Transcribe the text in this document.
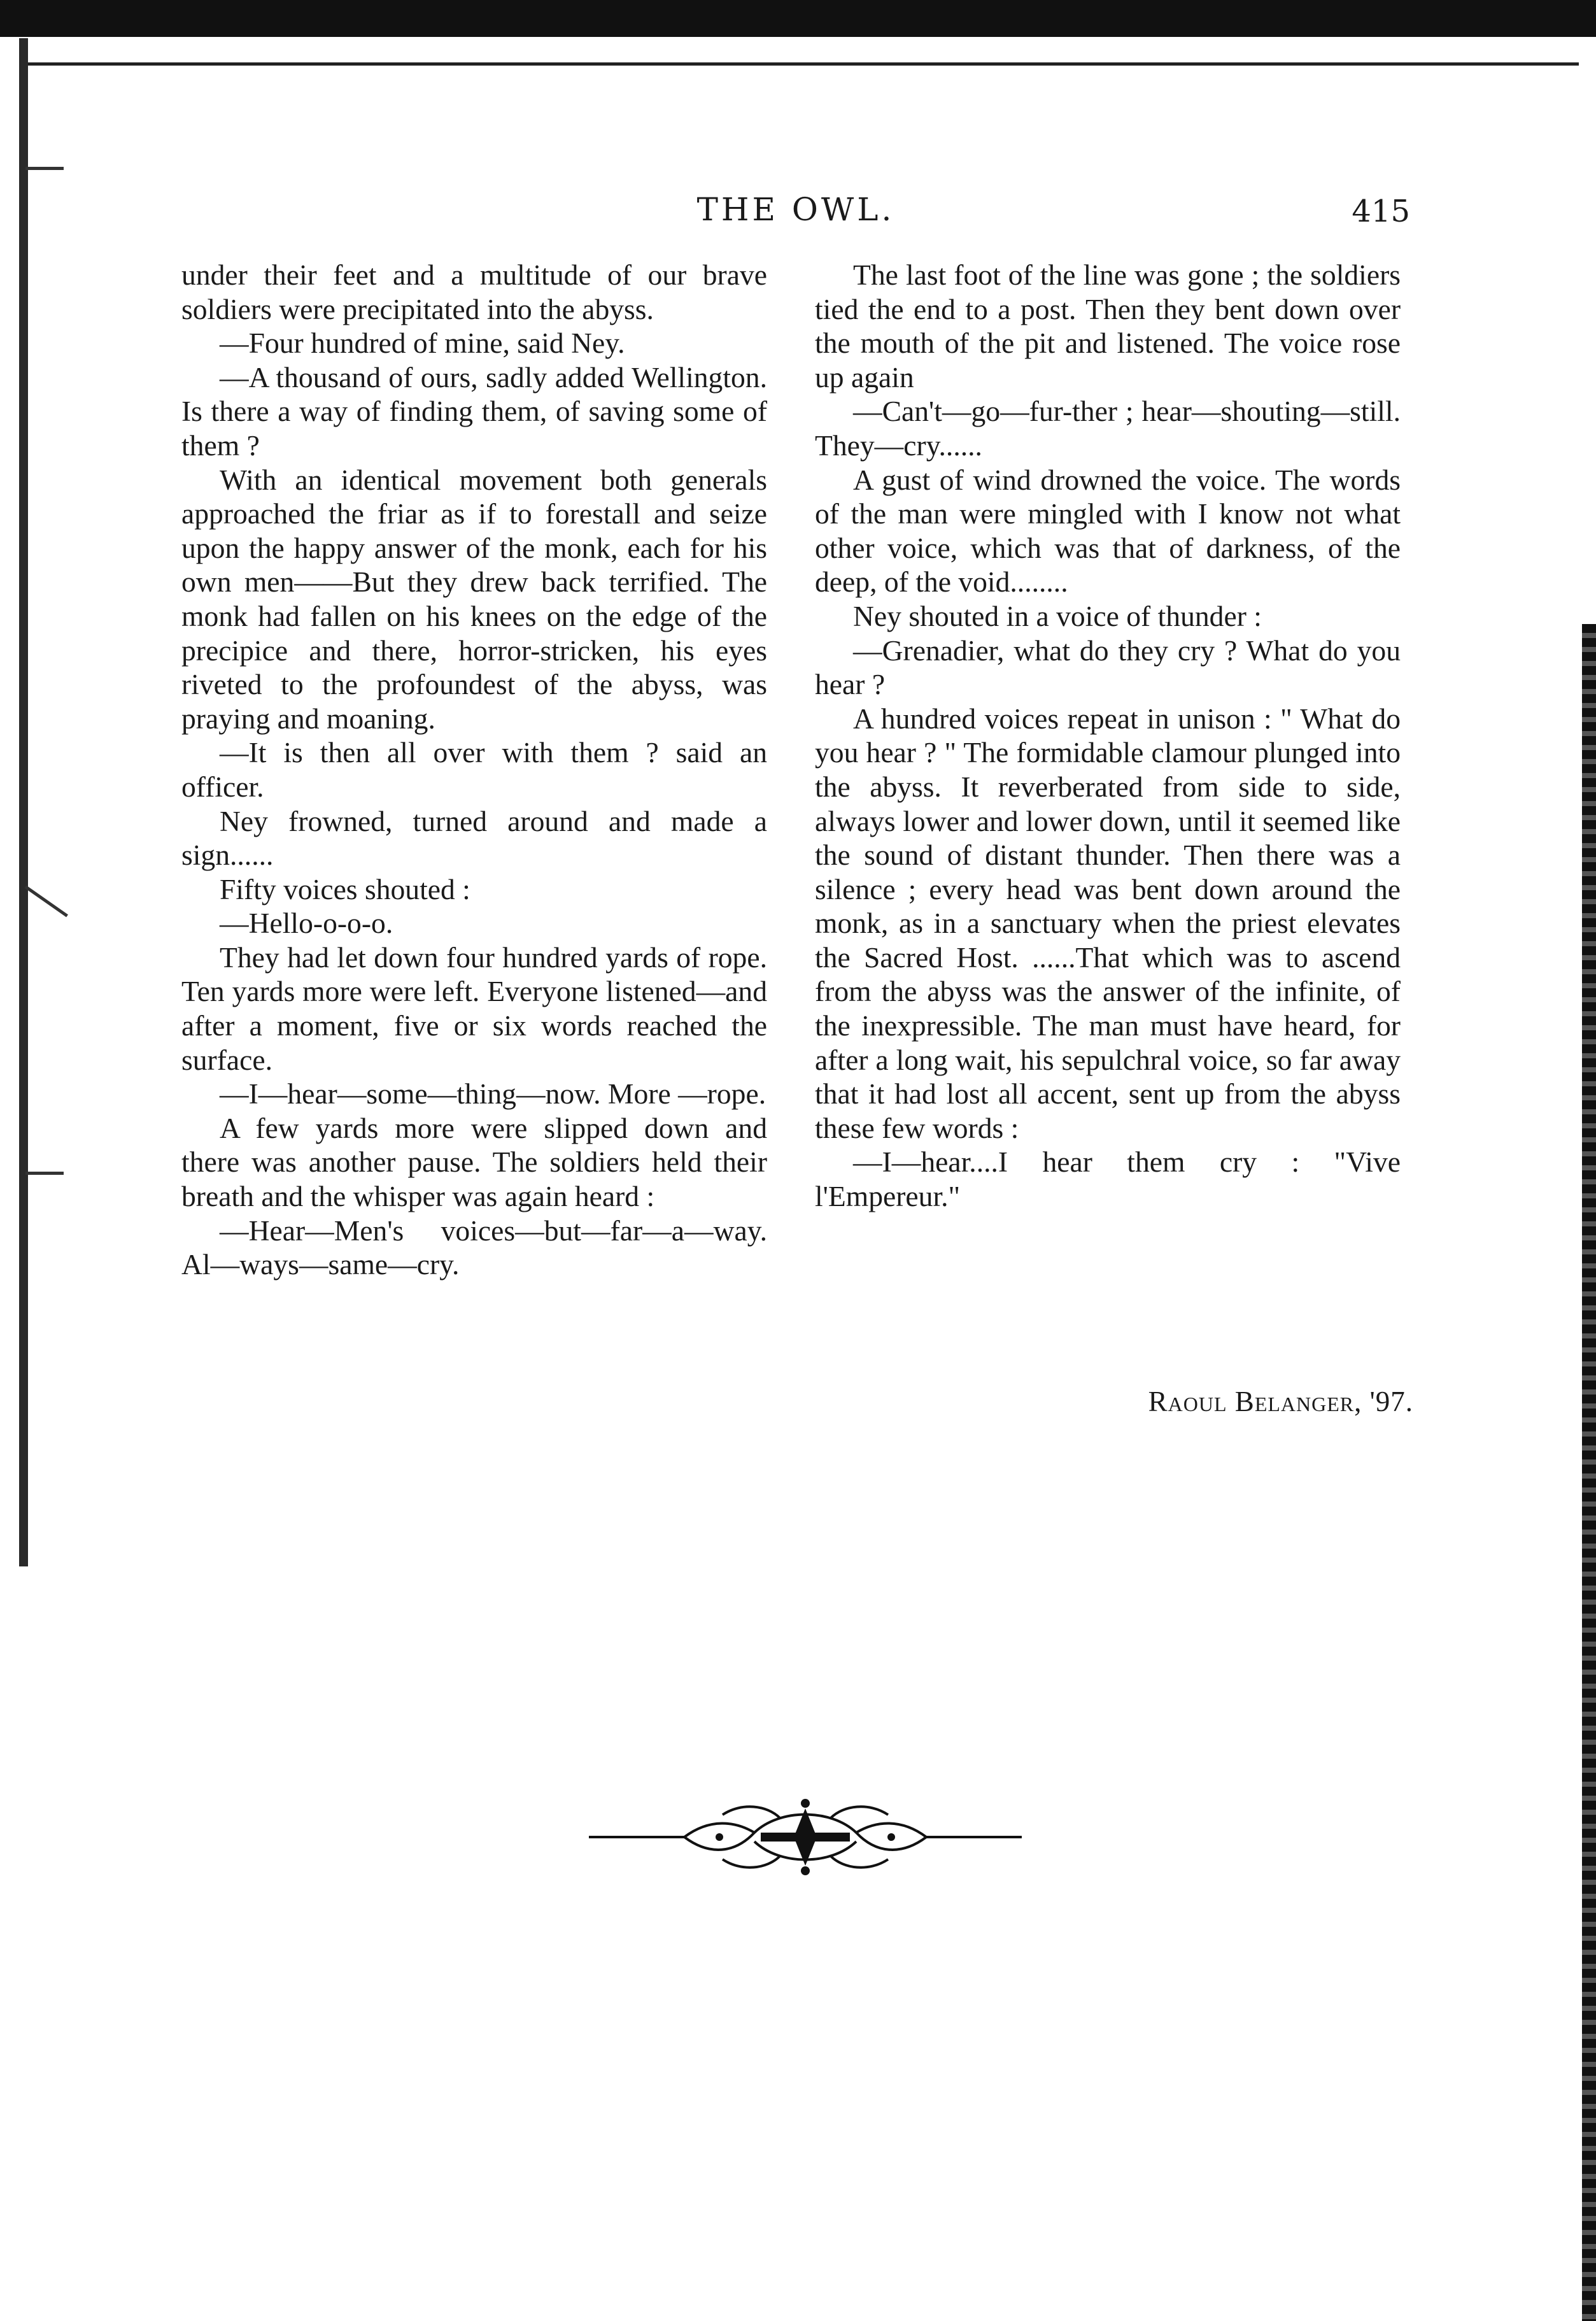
THE OWL.	415

under their feet and a multitude of our brave soldiers were precipitated into the abyss.

—Four hundred of mine, said Ney.

—A thousand of ours, sadly added Wellington. Is there a way of finding them, of saving some of them ?

With an identical movement both generals approached the friar as if to forestall and seize upon the happy answer of the monk, each for his own men——But they drew back terrified. The monk had fallen on his knees on the edge of the precipice and there, horror-stricken, his eyes riveted to the profoundest of the abyss, was praying and moaning.

—It is then all over with them ? said an officer.

Ney frowned, turned around and made a sign......

Fifty voices shouted :

—Hello-o-o-o.

They had let down four hundred yards of rope. Ten yards more were left. Everyone listened—and after a moment, five or six words reached the surface.

—I—hear—some—thing—now. More —rope.

A few yards more were slipped down and there was another pause. The soldiers held their breath and the whisper was again heard :

—Hear—Men's voices—but—far—a—way. Al—ways—same—cry.

The last foot of the line was gone ; the soldiers tied the end to a post. Then they bent down over the mouth of the pit and listened. The voice rose up again

—Can't—go—fur-ther ; hear—shouting—still. They—cry......

A gust of wind drowned the voice. The words of the man were mingled with I know not what other voice, which was that of darkness, of the deep, of the void........

Ney shouted in a voice of thunder :

—Grenadier, what do they cry ? What do you hear ?

A hundred voices repeat in unison : " What do you hear ? " The formidable clamour plunged into the abyss. It reverberated from side to side, always lower and lower down, until it seemed like the sound of distant thunder. Then there was a silence ; every head was bent down around the monk, as in a sanctuary when the priest elevates the Sacred Host. ......That which was to ascend from the abyss was the answer of the infinite, of the inexpressible. The man must have heard, for after a long wait, his sepulchral voice, so far away that it had lost all accent, sent up from the abyss these few words :

—I—hear....I hear them cry : "Vive l'Empereur."

Raoul Belanger, '97.
